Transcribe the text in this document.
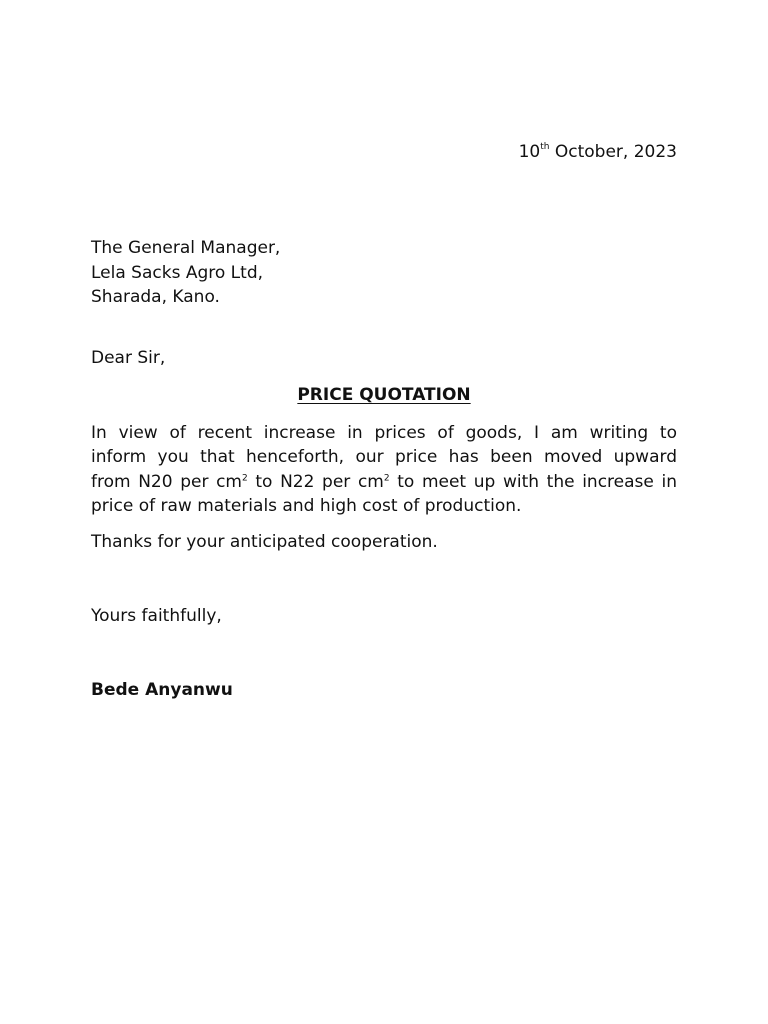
10th October, 2023
The General Manager,
Lela Sacks Agro Ltd,
Sharada, Kano.
Dear Sir,
PRICE QUOTATION
In view of recent increase in prices of goods, I am writing to
inform you that henceforth, our price has been moved upward
from N20 per $cm^2$ to N22 per $cm^2$ to meet up with the increase in
price of raw materials and high cost of production.
Thanks for your anticipated cooperation.
Yours faithfully,
Bede Anyanwu
